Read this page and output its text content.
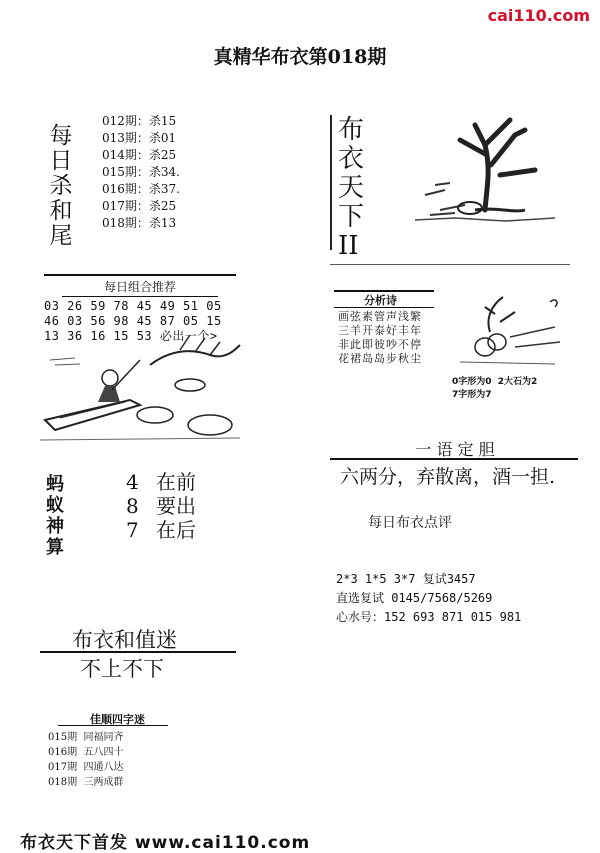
cai110.com
真精华布衣第018期
每
日
杀
和
尾
012期：杀15
013期：杀01
014期：杀25
015期：杀34.
016期：杀37.
017期：杀25
018期：杀13
布
衣
天
下
II
每日组合推荐
03 26 59 78 45 49 51 05
46 03 56 98 45 87 05 15
13 36 16 15 53 必出一个>
分析诗
画弦素管声浅繁
三羊开泰好丰年
非此即彼吵不停
花裙岛岛步秋尘
0字形为0  2大石为2
7字形为7
一 语 定 胆
六两分，弃散离，酒一担.
蚂
蚁
神
算
4 在前
8 要出
7 在后	每日布衣点评
2*3 1*5 3*7 复试3457
直选复试 0145/7568/5269
心水号：152 693 871 015 981
布衣和值迷
不上不下
佳顺四字迷
015期  同福同齐
016期  五八四十
017期  四通八达
018期  三两成群
布衣天下首发 www.cai110.com
